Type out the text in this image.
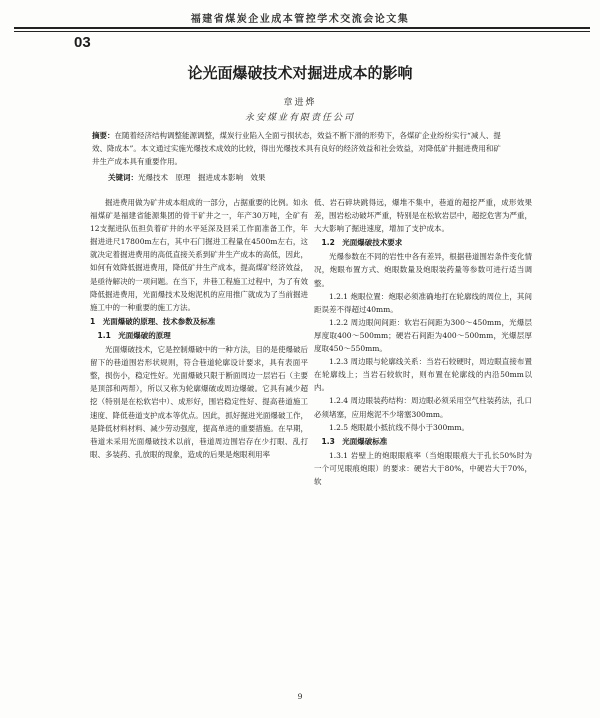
福建省煤炭企业成本管控学术交流会论文集
03
论光面爆破技术对掘进成本的影响
章进烨
永安煤业有限责任公司
摘要：在随着经济结构调整能源调整，煤炭行业陷入全面亏损状态，效益不断下滑的形势下，各煤矿企业纷纷实行“减人、提效、降成本”。本文通过实施光爆技术成效的比较，得出光爆技术具有良好的经济效益和社会效益，对降低矿井掘进费用和矿井生产成本具有重要作用。
关键词：光爆技术　原理　掘进成本影响　效果

掘进费用做为矿井成本组成的一部分，占据重要的比例。如永福煤矿是福建省能源集团的骨干矿井之一，年产30万吨，全矿有12支掘进队伍担负着矿井的水平延深及回采工作面准备工作，年掘进进尺17800m左右，其中石门掘进工程量在4500m左右，这就决定着掘进费用的高低直接关系到矿井生产成本的高低，因此，如何有效降低掘进费用，降低矿井生产成本，提高煤矿经济效益，是亟待解决的一项问题。在当下，井巷工程施工过程中，为了有效降低掘进费用，光面爆技术及炮泥机的应用推广就成为了当前掘进施工中的一种重要的施工方法。

1　光面爆破的原理、技术参数及标准

1.1　光面爆破的原理

光面爆破技术，它是控制爆破中的一种方法，目的是使爆破后留下的巷道围岩形状规则，符合巷道轮廓设计要求，具有表面平整，损伤小，稳定性好。光面爆破只限于断面周边一层岩石（主要是顶部和两帮），所以又称为轮廓爆破或周边爆破。它具有减少超挖（特别是在松软岩中）、成形好，围岩稳定性好、提高巷道施工速度、降低巷道支护成本等优点。因此，抓好掘进光面爆破工作，是降低材料材料、减少劳动强度，提高单进的重要措施。在早期，巷道未采用光面爆破技术以前，巷道周边围岩存在少打眼、乱打眼、多装药、孔放眼的现象，造成的后果是炮眼利用率

低、岩石碎块跳得远，爆堆不集中，巷道的超挖严重，成形效果差，围岩松动破坏严重，特别是在松软岩层中，超挖危害为严重，大大影响了掘进速度，增加了支护成本。

1.2　光面爆破技术要求

光爆参数在不同的岩性中各有差异，根据巷道围岩条件变化情况，炮眼布置方式、炮眼数量及炮眼装药量等参数可进行适当调整。

1.2.1 炮眼位置：炮眼必须准确地打在轮廓线的周位上，其间距误差不得超过40mm。

1.2.2 周边眼间间距：软岩石间距为300～450mm，光爆层厚度取400～500mm；硬岩石间距为400～500mm，光爆层厚度取450～550mm。

1.2.3 周边眼与轮廓线关系：当岩石较硬时，周边眼直接布置在轮廓线上；当岩石较软时，则布置在轮廓线的内沿50mm以内。

1.2.4 周边眼装药结构：周边眼必须采用空气柱装药法，孔口必须堵塞，应用炮泥不少堵塞300mm。

1.2.5 炮眼最小抵抗线不得小于300mm。

1.3　光面爆破标准

1.3.1 岩壁上的炮眼眼痕率（当炮眼眼痕大于孔长50%时为一个可见眼痕炮眼）的要求：硬岩大于80%，中硬岩大于70%，软

9
